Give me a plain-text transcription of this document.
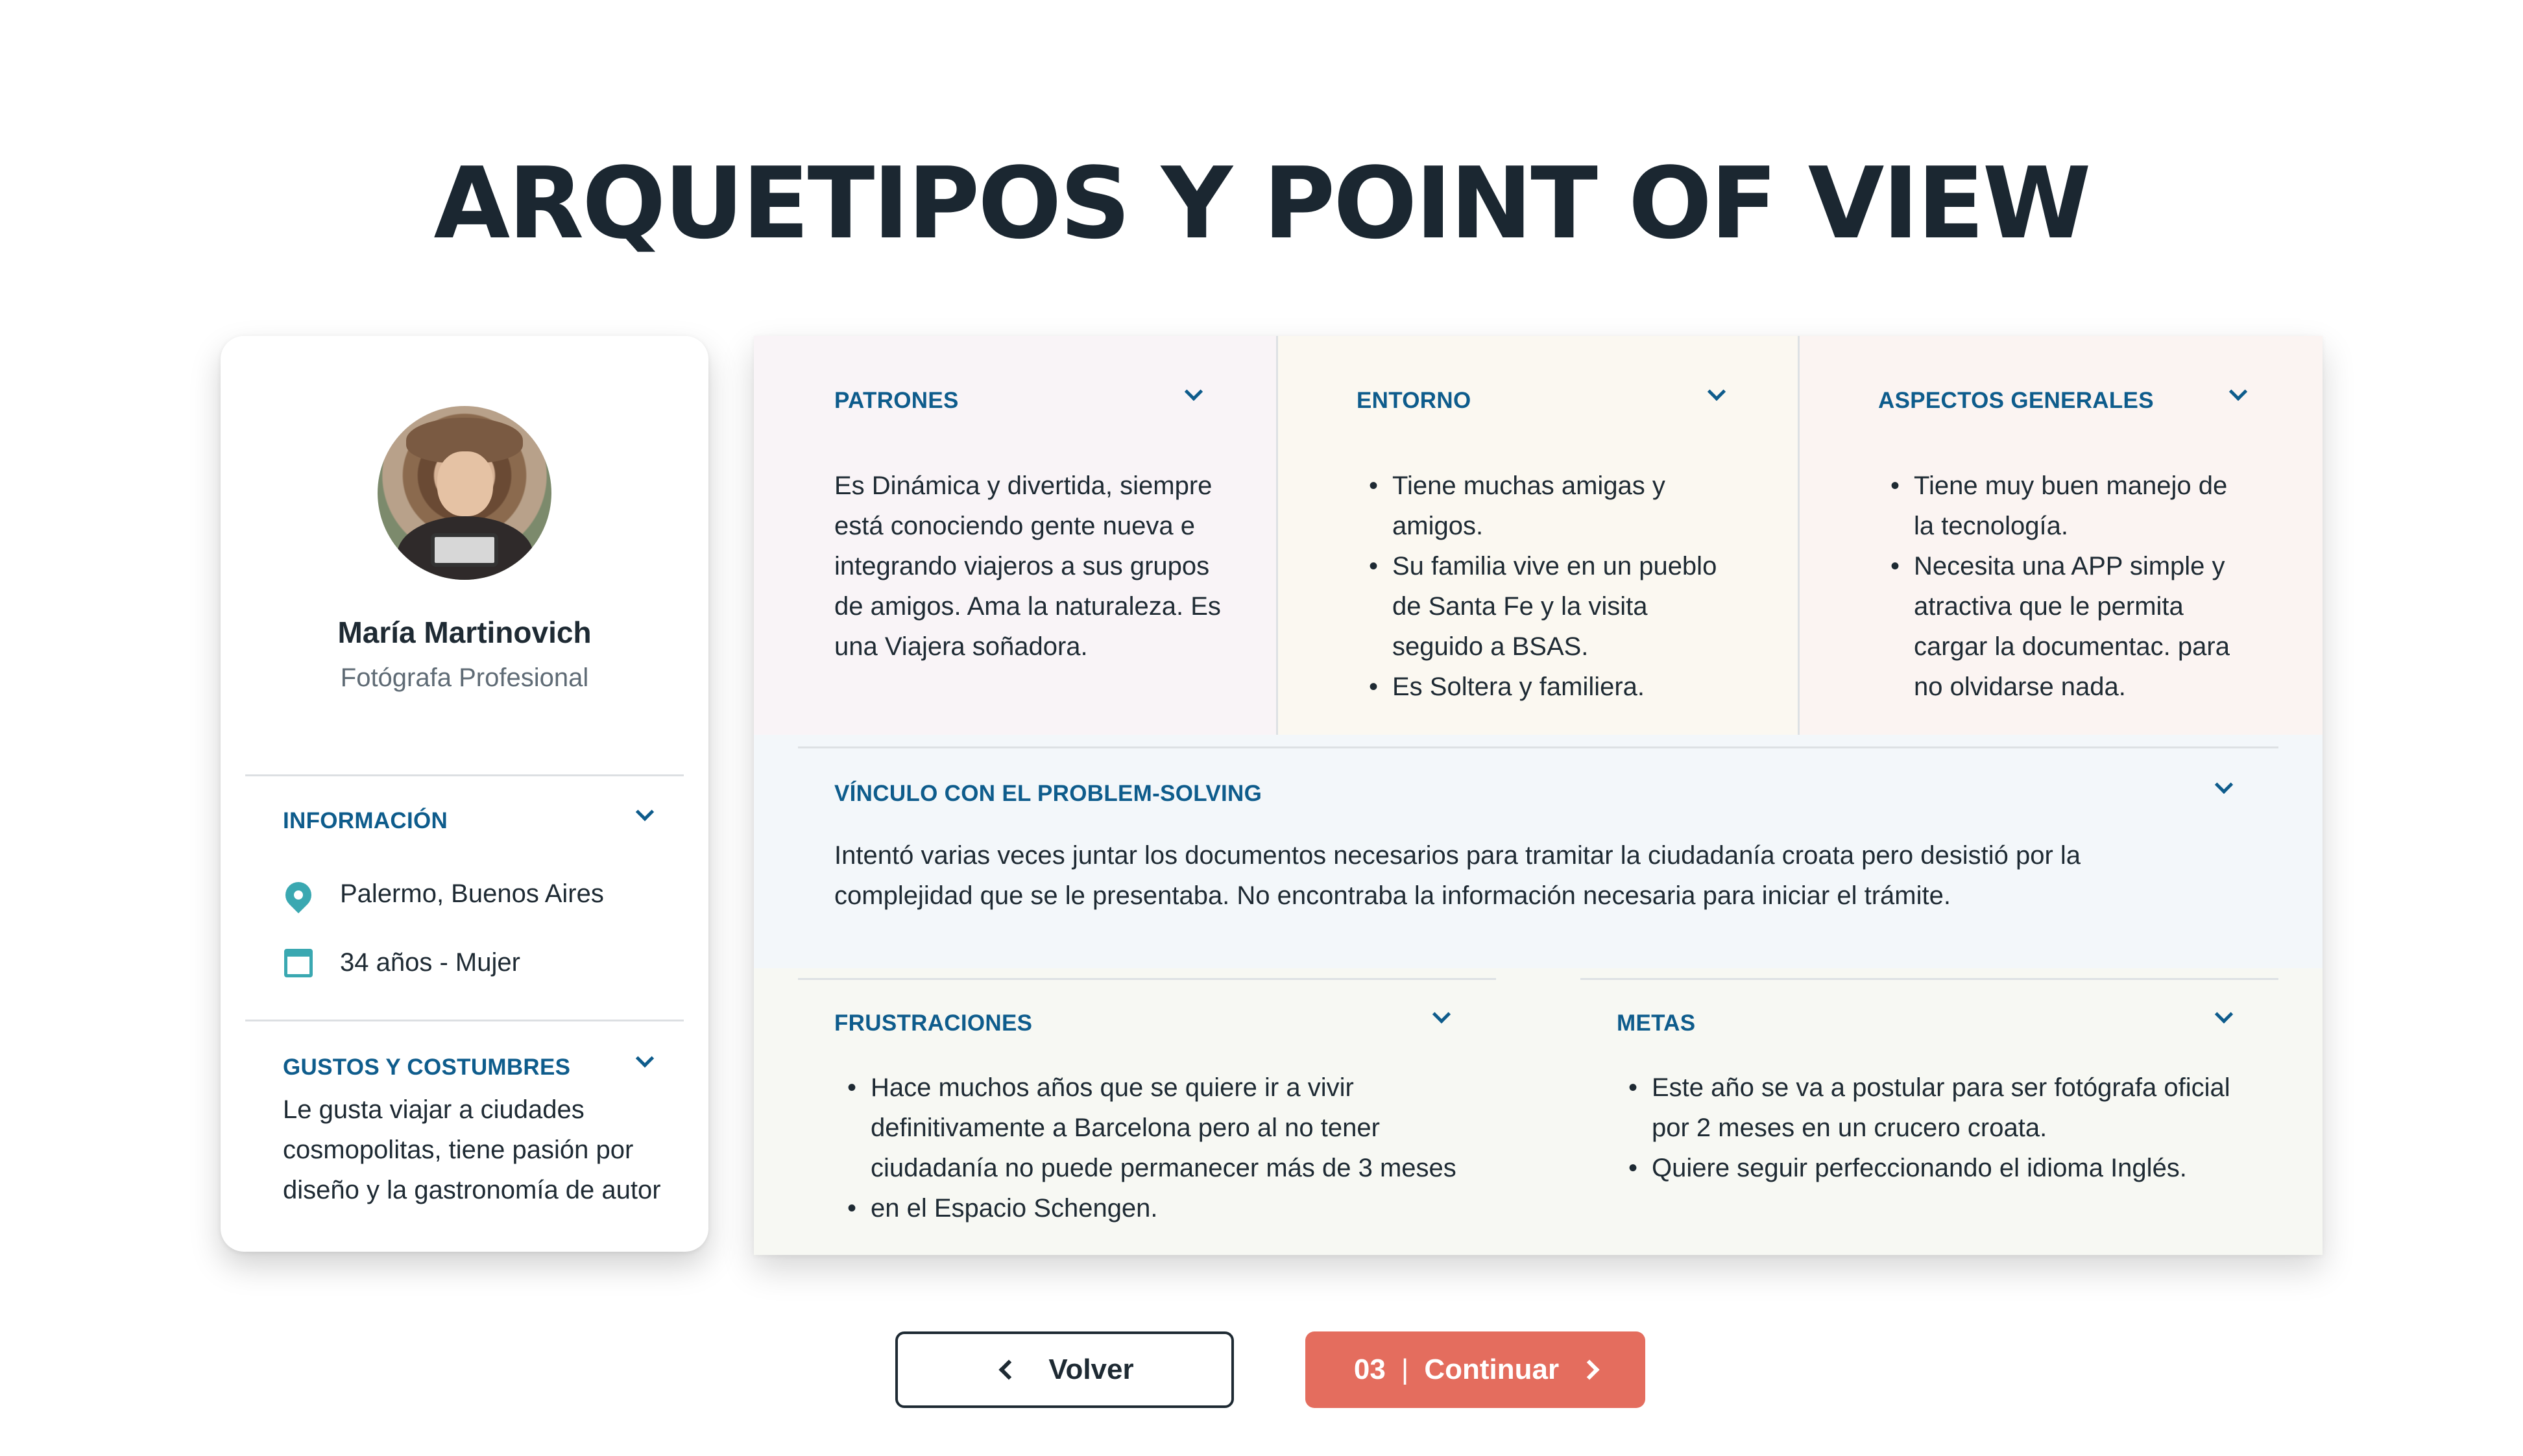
ARQUETIPOS Y POINT OF VIEW
María Martinovich
Fotógrafa Profesional
INFORMACIÓN
Palermo, Buenos Aires
34 años - Mujer
GUSTOS Y COSTUMBRES
Le gusta viajar a ciudades cosmopolitas, tiene pasión por diseño y la gastronomía de autor
PATRONES
Es Dinámica y divertida, siempre está conociendo gente nueva e integrando viajeros a sus grupos de amigos. Ama la naturaleza. Es una Viajera soñadora.
ENTORNO
• Tiene muchas amigas y amigos.
• Su familia vive en un pueblo de Santa Fe y la visita seguido a BSAS.
• Es Soltera y familiera.
ASPECTOS GENERALES
• Tiene muy buen manejo de la tecnología.
• Necesita una APP simple y atractiva que le permita cargar la documentac. para no olvidarse nada.
VÍNCULO CON EL PROBLEM-SOLVING
Intentó varias veces juntar los documentos necesarios para tramitar la ciudadanía croata pero desistió por la complejidad que se le presentaba. No encontraba la información necesaria para iniciar el trámite.
FRUSTRACIONES
• Hace muchos años que se quiere ir a vivir definitivamente a Barcelona pero al no tener ciudadanía no puede permanecer más de 3 meses
• en el Espacio Schengen.
METAS
• Este año se va a postular para ser fotógrafa oficial por 2 meses en un crucero croata.
• Quiere seguir perfeccionando el idioma Inglés.
Volver	03 | Continuar
